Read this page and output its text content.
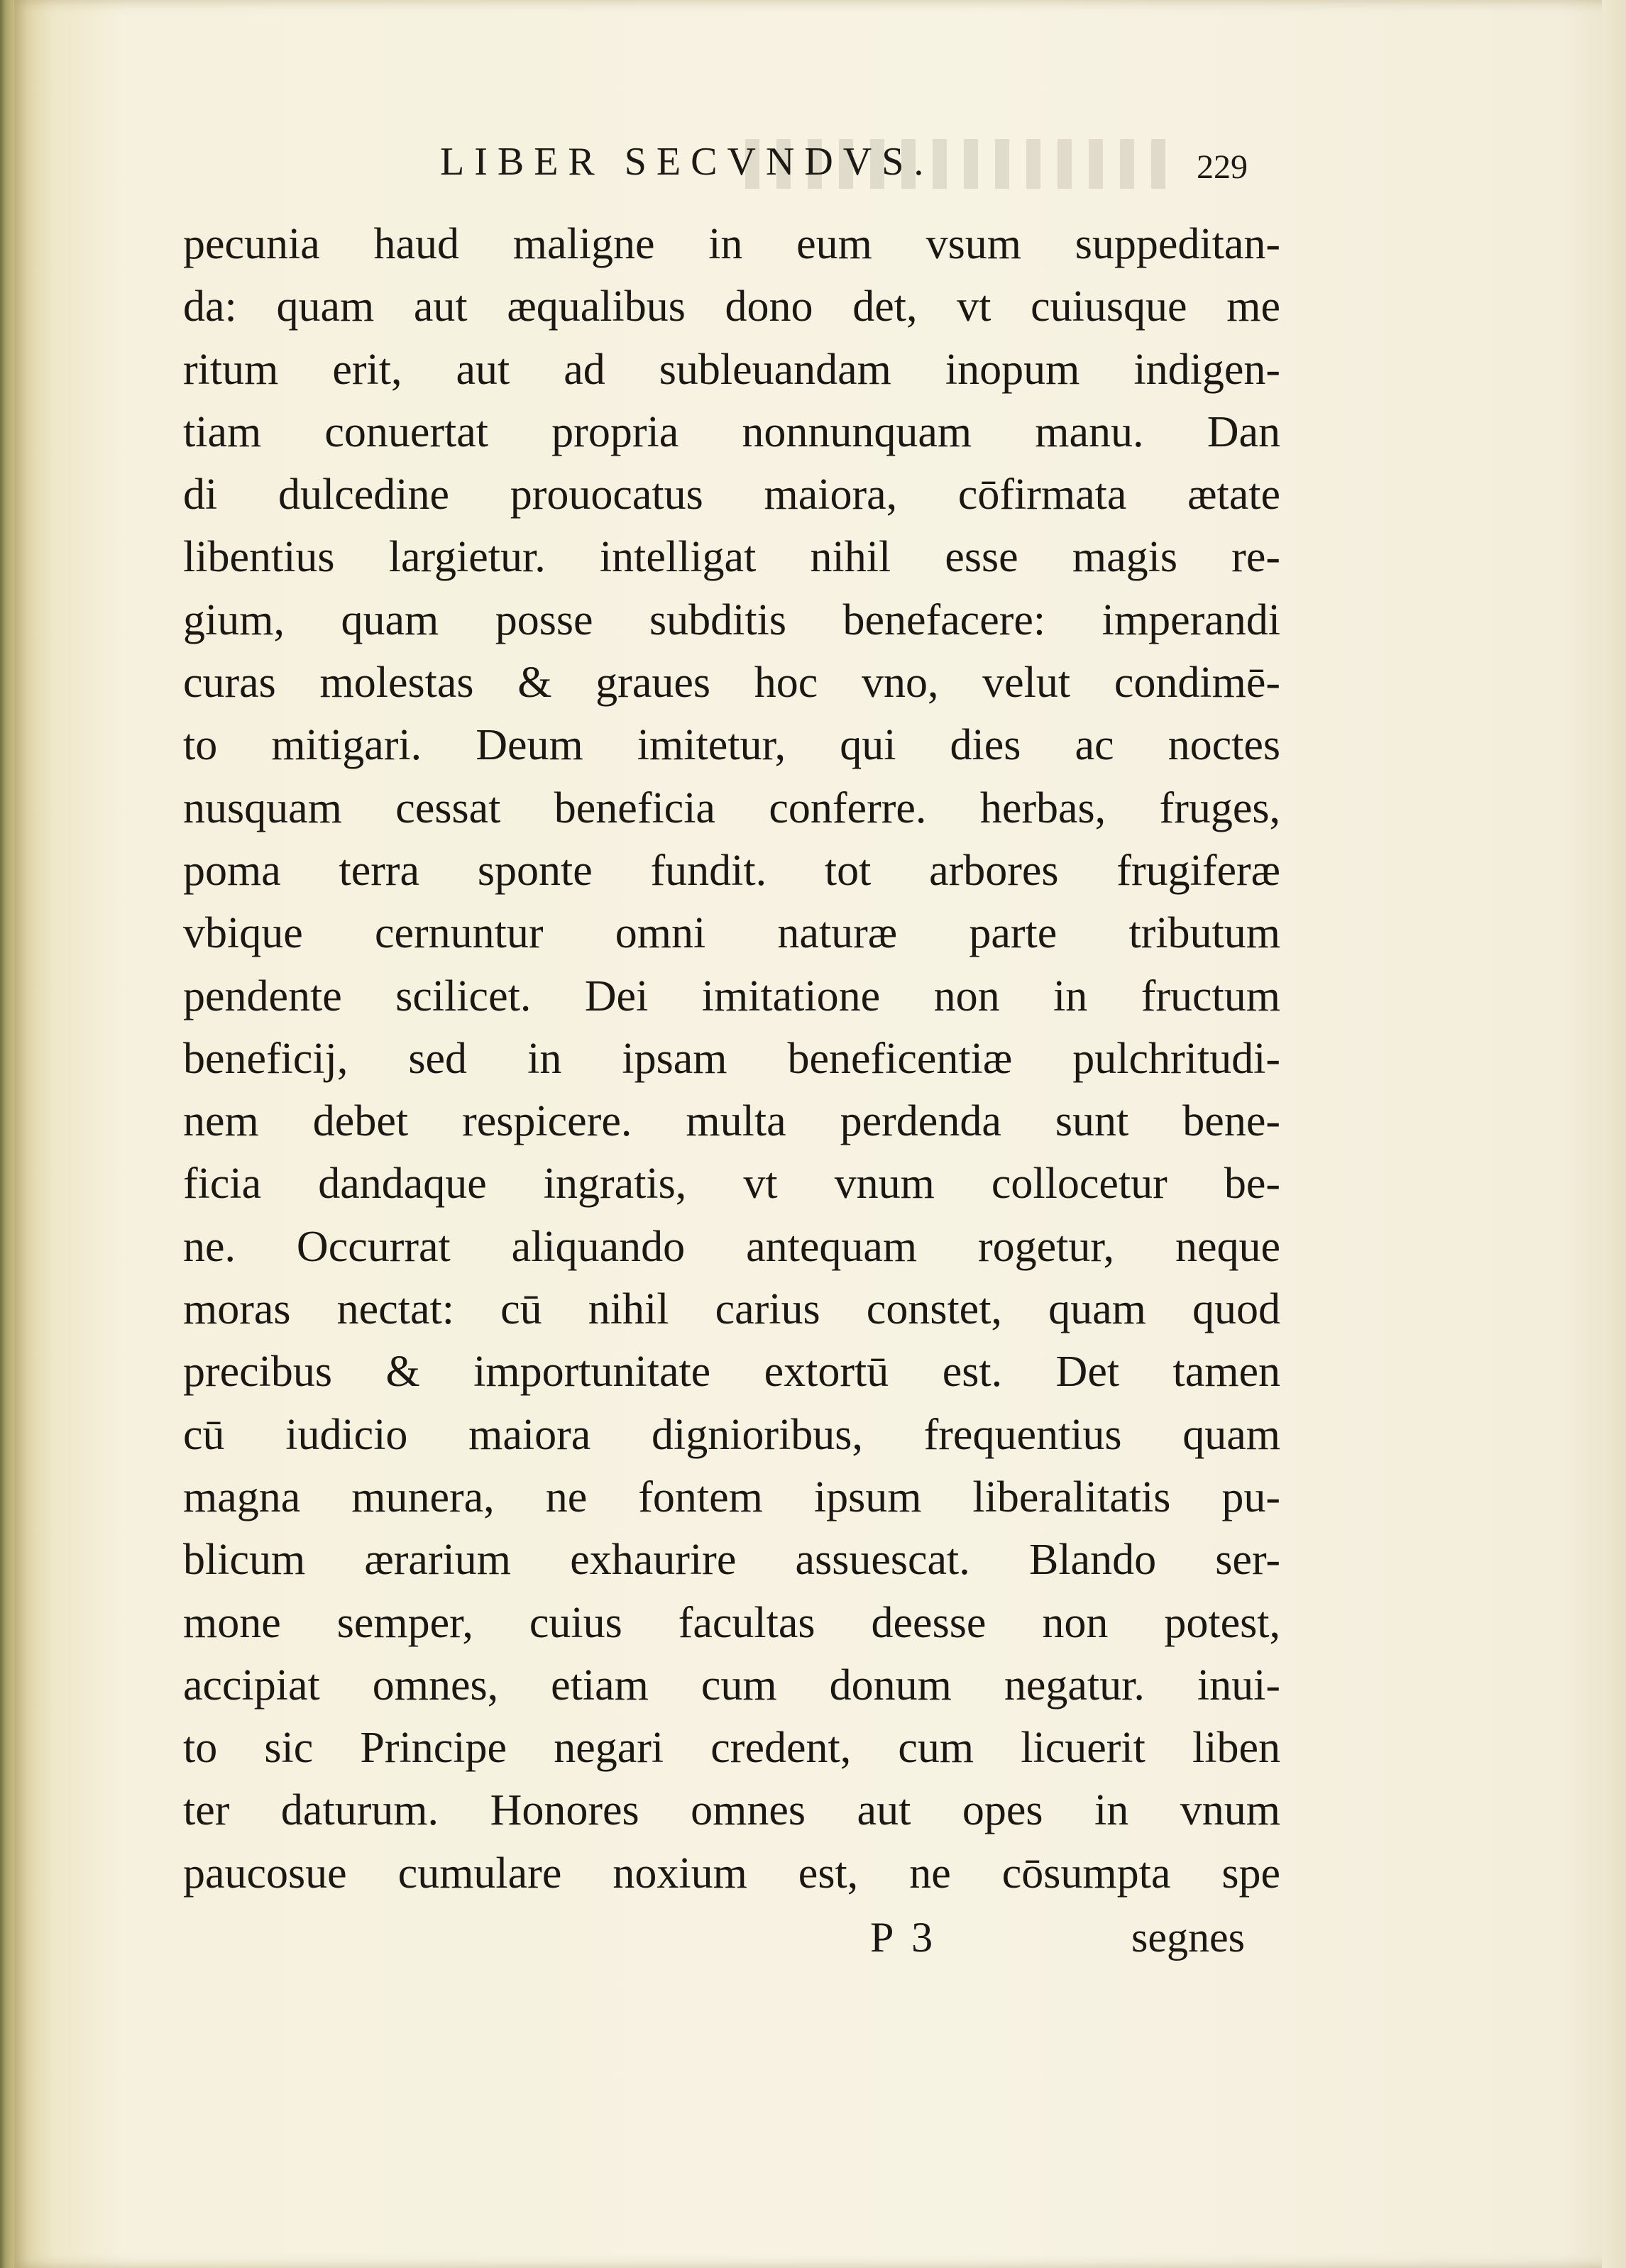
LIBER SECVNDVS.	229
pecunia haud maligne in eum vsum suppeditan-
da: quam aut æqualibus dono det, vt cuiusque me
ritum erit, aut ad subleuandam inopum indigen-
tiam conuertat propria nonnunquam manu. Dan
di dulcedine prouocatus maiora, cōfirmata ætate
libentius largietur. intelligat nihil esse magis re-
gium, quam posse subditis benefacere: imperandi
curas molestas & graues hoc vno, velut condimē-
to mitigari. Deum imitetur, qui dies ac noctes
nusquam cessat beneficia conferre. herbas, fruges,
poma terra sponte fundit. tot arbores frugiferæ
vbique cernuntur omni naturæ parte tributum
pendente scilicet. Dei imitatione non in fructum
beneficij, sed in ipsam beneficentiæ pulchritudi-
nem debet respicere. multa perdenda sunt bene-
ficia dandaque ingratis, vt vnum collocetur be-
ne. Occurrat aliquando antequam rogetur, neque
moras nectat: cū nihil carius constet, quam quod
precibus & importunitate extortū est. Det tamen
cū iudicio maiora dignioribus, frequentius quam
magna munera, ne fontem ipsum liberalitatis pu-
blicum ærarium exhaurire assuescat. Blando ser-
mone semper, cuius facultas deesse non potest,
accipiat omnes, etiam cum donum negatur. inui-
to sic Principe negari credent, cum licuerit liben
ter daturum. Honores omnes aut opes in vnum
paucosue cumulare noxium est, ne cōsumpta spe
P 3	segnes
